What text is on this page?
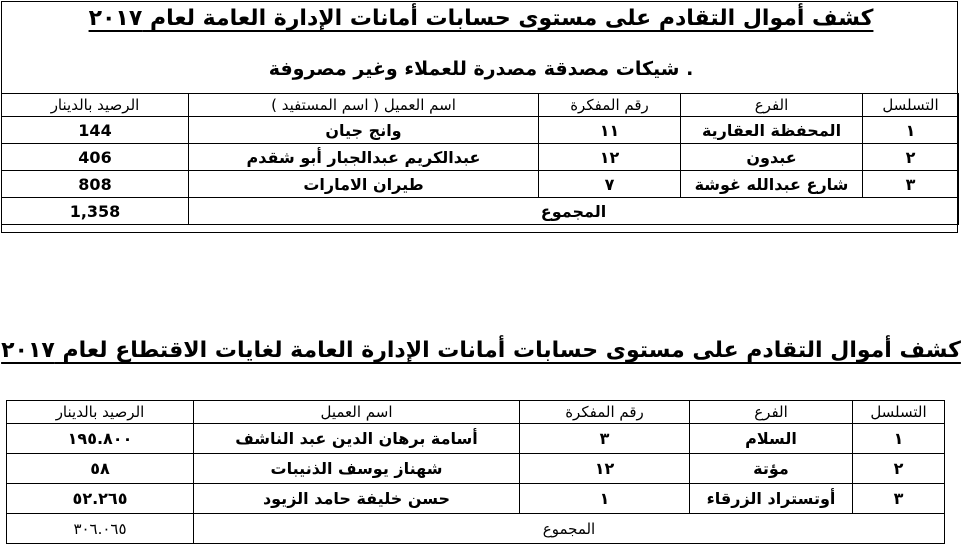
كشف أموال التقادم على مستوى حسابات أمانات الإدارة العامة لعام ٢٠١٧
شيكات مصدقة مصدرة للعملاء وغير مصروفة .
التسلسل	الفرع	رقم المفكرة	اسم العميل ( اسم المستفيد )	الرصيد بالدينار
١	المحفظة العقارية	١١	وانج جيان	144
٢	عبدون	١٢	عبدالكريم عبدالجبار أبو شقدم	406
٣	شارع عبدالله غوشة	٧	طيران الامارات	808
المجموع				1,358
كشف أموال التقادم على مستوى حسابات أمانات الإدارة العامة لغايات الاقتطاع لعام ٢٠١٧
التسلسل	الفرع	رقم المفكرة	اسم العميل	الرصيد بالدينار
١	السلام	٣	أسامة برهان الدين عبد الناشف	١٩٥.٨٠٠
٢	مؤتة	١٢	شهناز يوسف الذنيبات	٥٨
٣	أوتستراد الزرقاء	١	حسن خليفة حامد الزيود	٥٢.٢٦٥
المجموع				٣٠٦.٠٦٥
